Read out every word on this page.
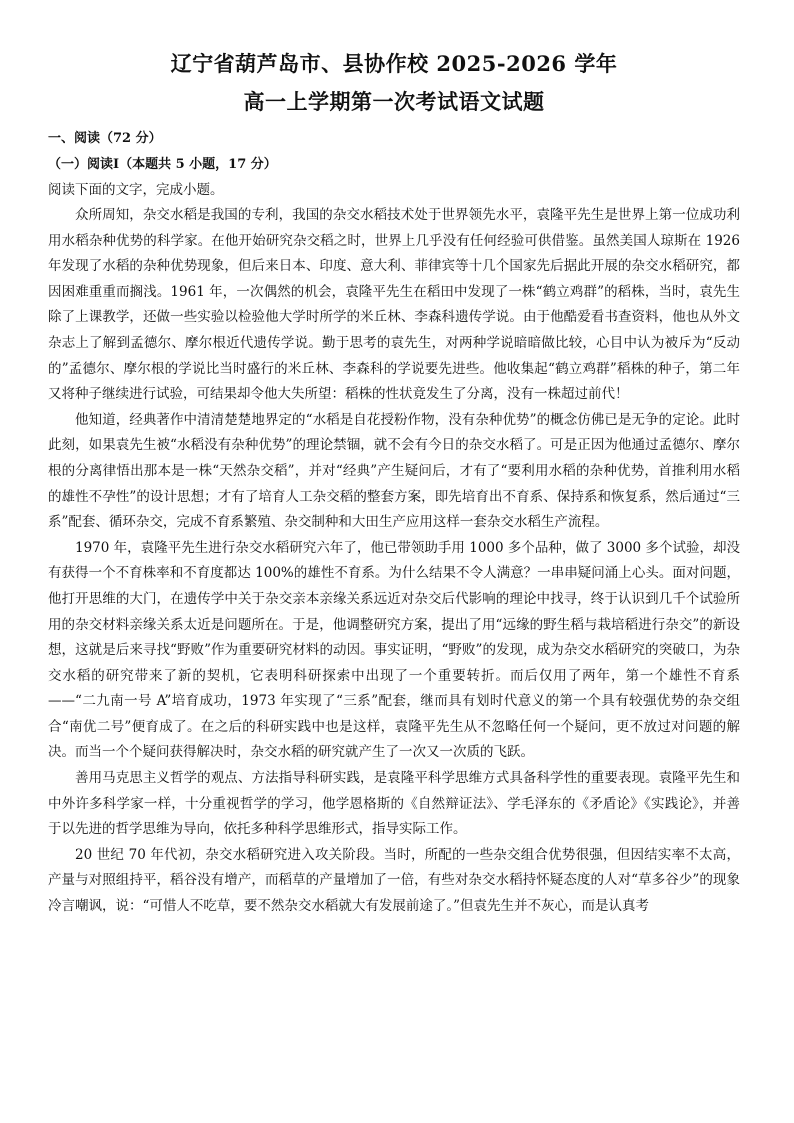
辽宁省葫芦岛市、县协作校 2025-2026 学年
高一上学期第一次考试语文试题
一、阅读（72 分）
（一）阅读Ⅰ（本题共 5 小题，17 分）

阅读下面的文字，完成小题。

众所周知，杂交水稻是我国的专利，我国的杂交水稻技术处于世界领先水平，袁隆平先生是世界上第一位成功利用水稻杂种优势的科学家。在他开始研究杂交稻之时，世界上几乎没有任何经验可供借鉴。虽然美国人琼斯在 1926 年发现了水稻的杂种优势现象，但后来日本、印度、意大利、菲律宾等十几个国家先后据此开展的杂交水稻研究，都因困难重重而搁浅。1961 年，一次偶然的机会，袁隆平先生在稻田中发现了一株“鹤立鸡群”的稻株，当时，袁先生除了上课教学，还做一些实验以检验他大学时所学的米丘林、李森科遗传学说。由于他酷爱看书查资料，他也从外文杂志上了解到孟德尔、摩尔根近代遗传学说。勤于思考的袁先生，对两种学说暗暗做比较，心目中认为被斥为“反动的”孟德尔、摩尔根的学说比当时盛行的米丘林、李森科的学说要先进些。他收集起“鹤立鸡群”稻株的种子，第二年又将种子继续进行试验，可结果却令他大失所望：稻株的性状竟发生了分离，没有一株超过前代！

他知道，经典著作中清清楚楚地界定的“水稻是自花授粉作物，没有杂种优势”的概念仿佛已是无争的定论。此时此刻，如果袁先生被“水稻没有杂种优势”的理论禁锢，就不会有今日的杂交水稻了。可是正因为他通过孟德尔、摩尔根的分离律悟出那本是一株“天然杂交稻”，并对“经典”产生疑问后，才有了“要利用水稻的杂种优势，首推利用水稻的雄性不孕性”的设计思想；才有了培育人工杂交稻的整套方案，即先培育出不育系、保持系和恢复系，然后通过“三系”配套、循环杂交，完成不育系繁殖、杂交制种和大田生产应用这样一套杂交水稻生产流程。

1970 年，袁隆平先生进行杂交水稻研究六年了，他已带领助手用 1000 多个品种，做了 3000 多个试验，却没有获得一个不育株率和不育度都达 100%的雄性不育系。为什么结果不令人满意？一串串疑问涌上心头。面对问题，他打开思维的大门，在遗传学中关于杂交亲本亲缘关系远近对杂交后代影响的理论中找寻，终于认识到几千个试验所用的杂交材料亲缘关系太近是问题所在。于是，他调整研究方案，提出了用“远缘的野生稻与栽培稻进行杂交”的新设想，这就是后来寻找“野败”作为重要研究材料的动因。事实证明，“野败”的发现，成为杂交水稻研究的突破口，为杂交水稻的研究带来了新的契机，它表明科研探索中出现了一个重要转折。而后仅用了两年，第一个雄性不育系——“二九南一号 A”培育成功，1973 年实现了“三系”配套，继而具有划时代意义的第一个具有较强优势的杂交组合“南优二号”便育成了。在之后的科研实践中也是这样，袁隆平先生从不忽略任何一个疑问，更不放过对问题的解决。而当一个个疑问获得解决时，杂交水稻的研究就产生了一次又一次质的飞跃。

善用马克思主义哲学的观点、方法指导科研实践，是袁隆平科学思维方式具备科学性的重要表现。袁隆平先生和中外许多科学家一样，十分重视哲学的学习，他学恩格斯的《自然辩证法》、学毛泽东的《矛盾论》《实践论》，并善于以先进的哲学思维为导向，依托多种科学思维形式，指导实际工作。

20 世纪 70 年代初，杂交水稻研究进入攻关阶段。当时，所配的一些杂交组合优势很强，但因结实率不太高，产量与对照组持平，稻谷没有增产，而稻草的产量增加了一倍，有些对杂交水稻持怀疑态度的人对“草多谷少”的现象冷言嘲讽，说：“可惜人不吃草，要不然杂交水稻就大有发展前途了。”但袁先生并不灰心，而是认真考
